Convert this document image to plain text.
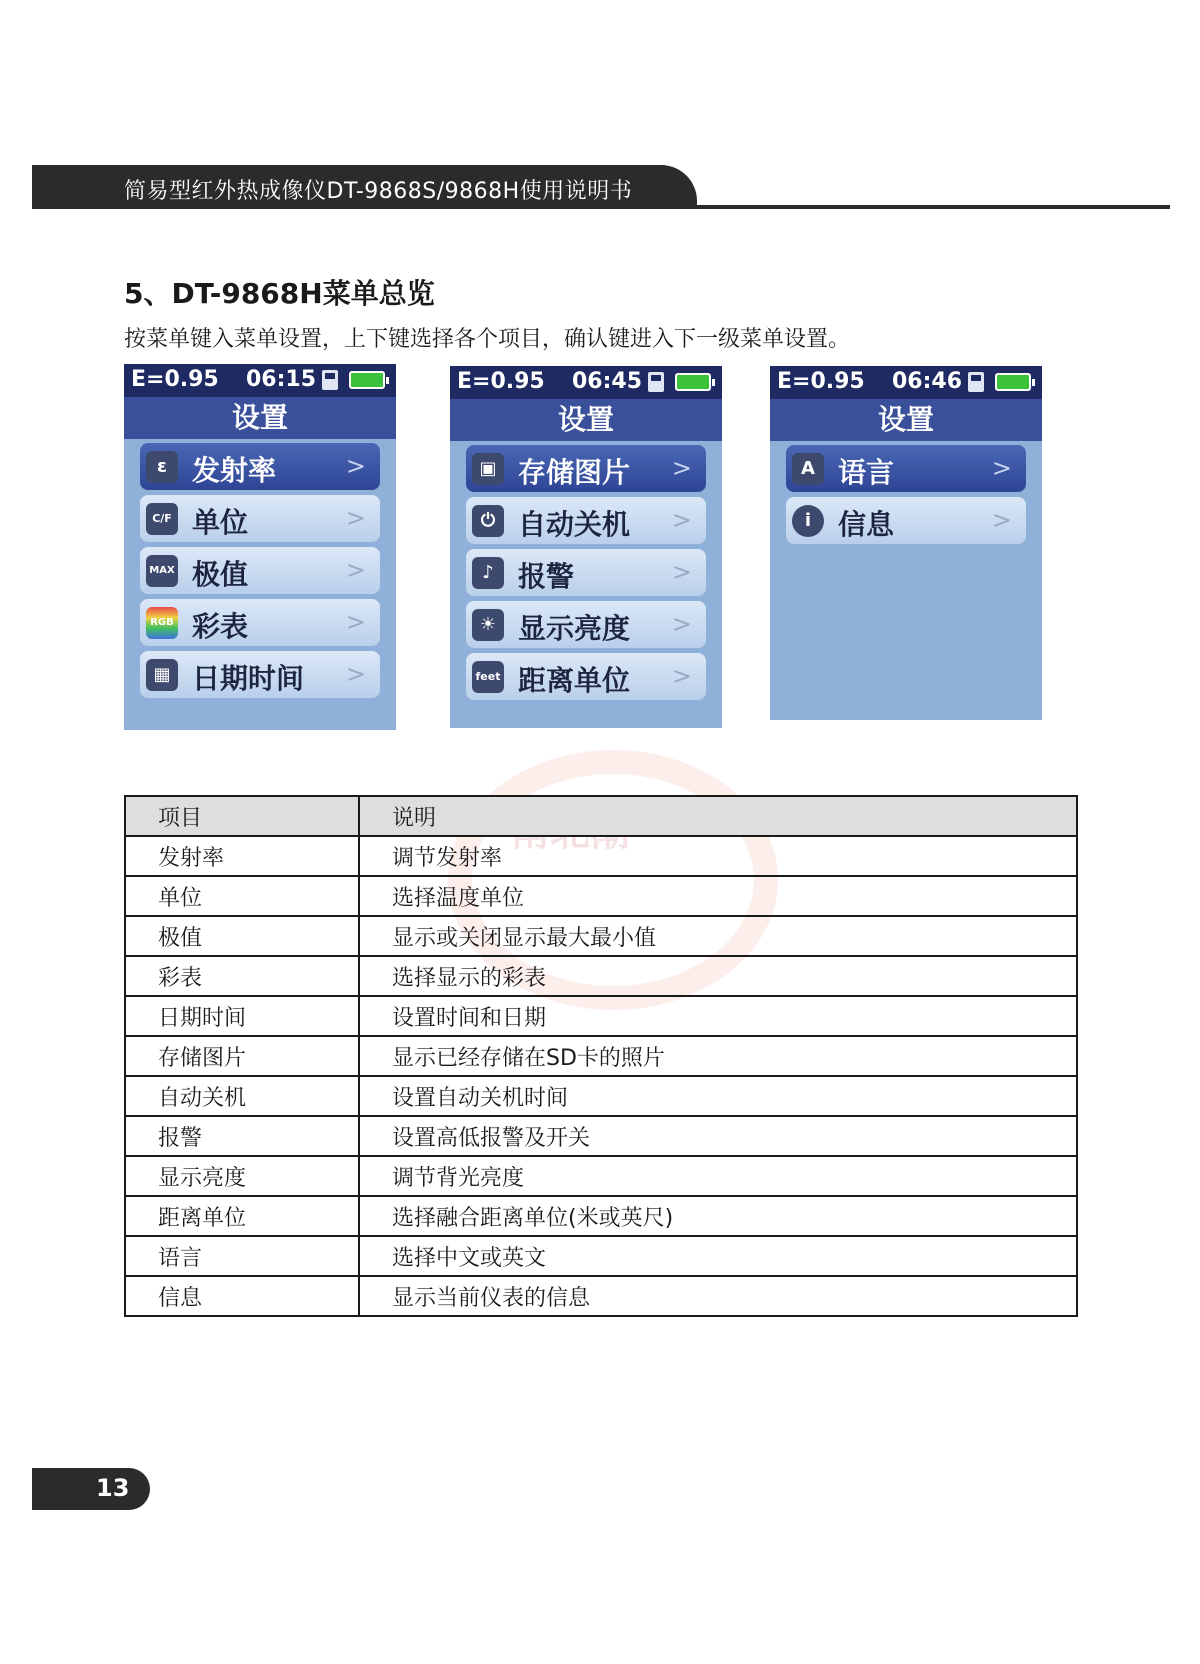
简易型红外热成像仪DT-9868S/9868H使用说明书
5、DT-9868H菜单总览
按菜单键入菜单设置，上下键选择各个项目，确认键进入下一级菜单设置。
E=0.95 06:15
设置
ε 发射率	>
C/F 单位	>
MAX 极值	>
RGB 彩表	>
▦ 日期时间 >
E=0.95 06:45
设置
▣ 存储图片 >
⏻ 自动关机 >
♪ 报警	>
☀ 显示亮度 >
feet 距离单位 >
E=0.95 06:46
设置
A 语言	>
i 信息	>
项目	说明
发射率	调节发射率
单位	选择温度单位
极值	显示或关闭显示最大最小值
彩表	选择显示的彩表
日期时间	设置时间和日期
存储图片	显示已经存储在SD卡的照片
自动关机	设置自动关机时间
报警	设置高低报警及开关
显示亮度	调节背光亮度
距离单位	选择融合距离单位(米或英尺)
语言	选择中文或英文
信息	显示当前仪表的信息
13
